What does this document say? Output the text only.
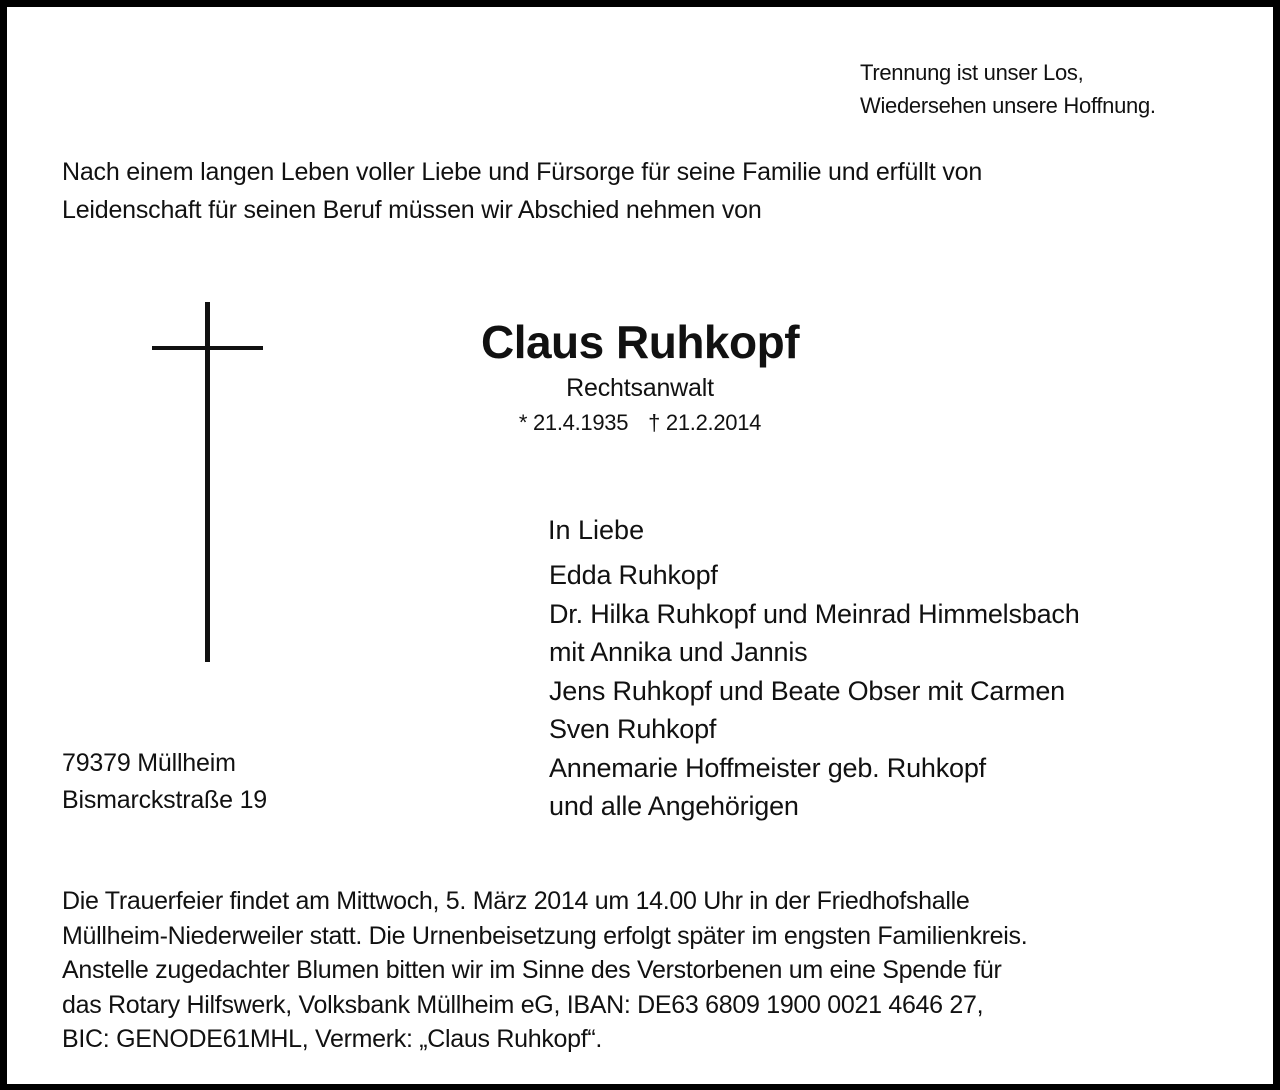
Trennung ist unser Los,
Wiedersehen unsere Hoffnung.
Nach einem langen Leben voller Liebe und Fürsorge für seine Familie und erfüllt von
Leidenschaft für seinen Beruf müssen wir Abschied nehmen von
Claus Ruhkopf
Rechtsanwalt
* 21.4.1935 † 21.2.2014
In Liebe
Edda Ruhkopf
Dr. Hilka Ruhkopf und Meinrad Himmelsbach
mit Annika und Jannis
Jens Ruhkopf und Beate Obser mit Carmen
Sven Ruhkopf
Annemarie Hoffmeister geb. Ruhkopf
und alle Angehörigen
79379 Müllheim
Bismarckstraße 19
Die Trauerfeier findet am Mittwoch, 5. März 2014 um 14.00 Uhr in der Friedhofshalle
Müllheim-Niederweiler statt. Die Urnenbeisetzung erfolgt später im engsten Familienkreis.
Anstelle zugedachter Blumen bitten wir im Sinne des Verstorbenen um eine Spende für
das Rotary Hilfswerk, Volksbank Müllheim eG, IBAN: DE63 6809 1900 0021 4646 27,
BIC: GENODE61MHL, Vermerk: „Claus Ruhkopf“.
